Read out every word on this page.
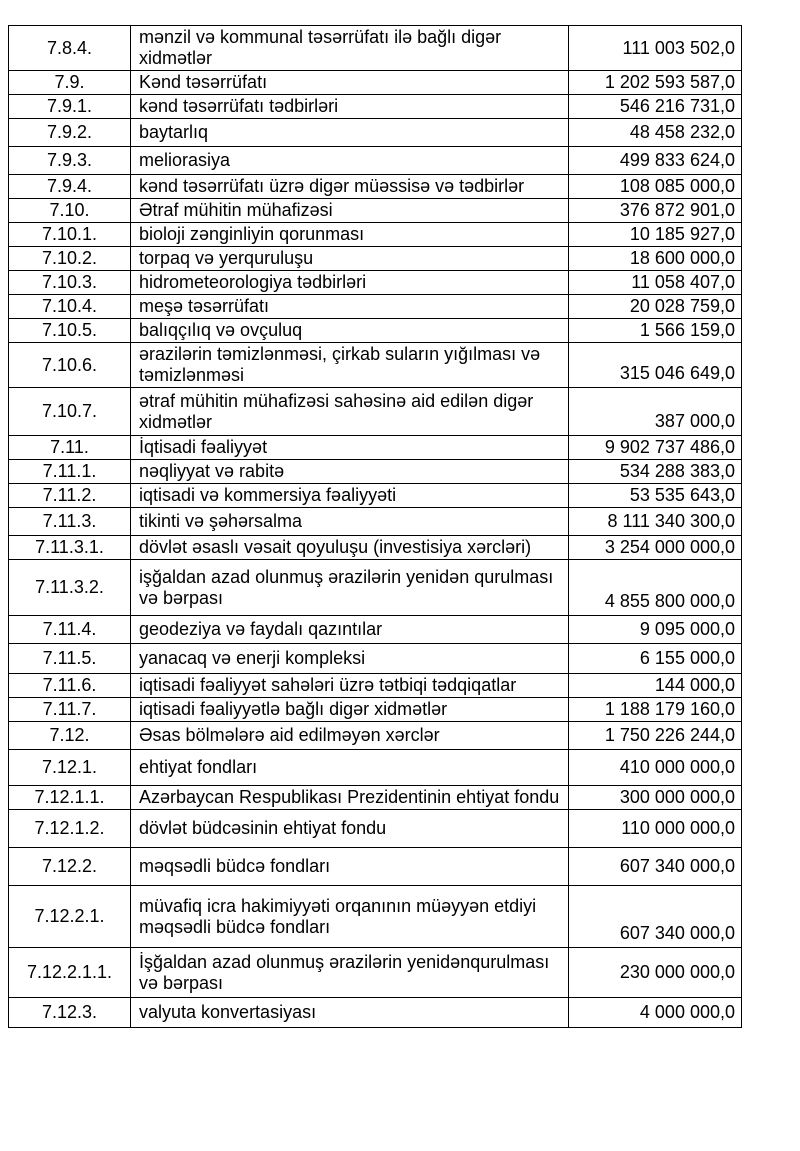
7.8.4.	mənzil və kommunal təsərrüfatı ilə bağlı digər xidmətlər	111 003 502,0
7.9.	Kənd təsərrüfatı	1 202 593 587,0
7.9.1.	kənd təsərrüfatı tədbirləri	546 216 731,0
7.9.2.	baytarlıq	48 458 232,0
7.9.3.	meliorasiya	499 833 624,0
7.9.4.	kənd təsərrüfatı üzrə digər müəssisə və tədbirlər	108 085 000,0
7.10.	Ətraf mühitin mühafizəsi	376 872 901,0
7.10.1.	bioloji zənginliyin qorunması	10 185 927,0
7.10.2.	torpaq və yerquruluşu	18 600 000,0
7.10.3.	hidrometeorologiya tədbirləri	11 058 407,0
7.10.4.	meşə təsərrüfatı	20 028 759,0
7.10.5.	balıqçılıq və ovçuluq	1 566 159,0
7.10.6.	ərazilərin təmizlənməsi, çirkab suların yığılması və təmizlənməsi	315 046 649,0
7.10.7.	ətraf mühitin mühafizəsi sahəsinə aid edilən digər xidmətlər	387 000,0
7.11.	İqtisadi fəaliyyət	9 902 737 486,0
7.11.1.	nəqliyyat və rabitə	534 288 383,0
7.11.2.	iqtisadi və kommersiya fəaliyyəti	53 535 643,0
7.11.3.	tikinti və şəhərsalma	8 111 340 300,0
7.11.3.1.	dövlət əsaslı vəsait qoyuluşu (investisiya xərcləri)	3 254 000 000,0
7.11.3.2.	işğaldan azad olunmuş ərazilərin yenidən qurulması və bərpası	4 855 800 000,0
7.11.4.	geodeziya və faydalı qazıntılar	9 095 000,0
7.11.5.	yanacaq və enerji kompleksi	6 155 000,0
7.11.6.	iqtisadi fəaliyyət sahələri üzrə tətbiqi tədqiqatlar	144 000,0
7.11.7.	iqtisadi fəaliyyətlə bağlı digər xidmətlər	1 188 179 160,0
7.12.	Əsas bölmələrə aid edilməyən xərclər	1 750 226 244,0
7.12.1.	ehtiyat fondları	410 000 000,0
7.12.1.1.	Azərbaycan Respublikası Prezidentinin ehtiyat fondu	300 000 000,0
7.12.1.2.	dövlət büdcəsinin ehtiyat fondu	110 000 000,0
7.12.2.	məqsədli büdcə fondları	607 340 000,0
7.12.2.1.	müvafiq icra hakimiyyəti orqanının müəyyən etdiyi məqsədli büdcə fondları	607 340 000,0
7.12.2.1.1.	İşğaldan azad olunmuş ərazilərin yenidənqurulması və bərpası	230 000 000,0
7.12.3.	valyuta konvertasiyası	4 000 000,0
